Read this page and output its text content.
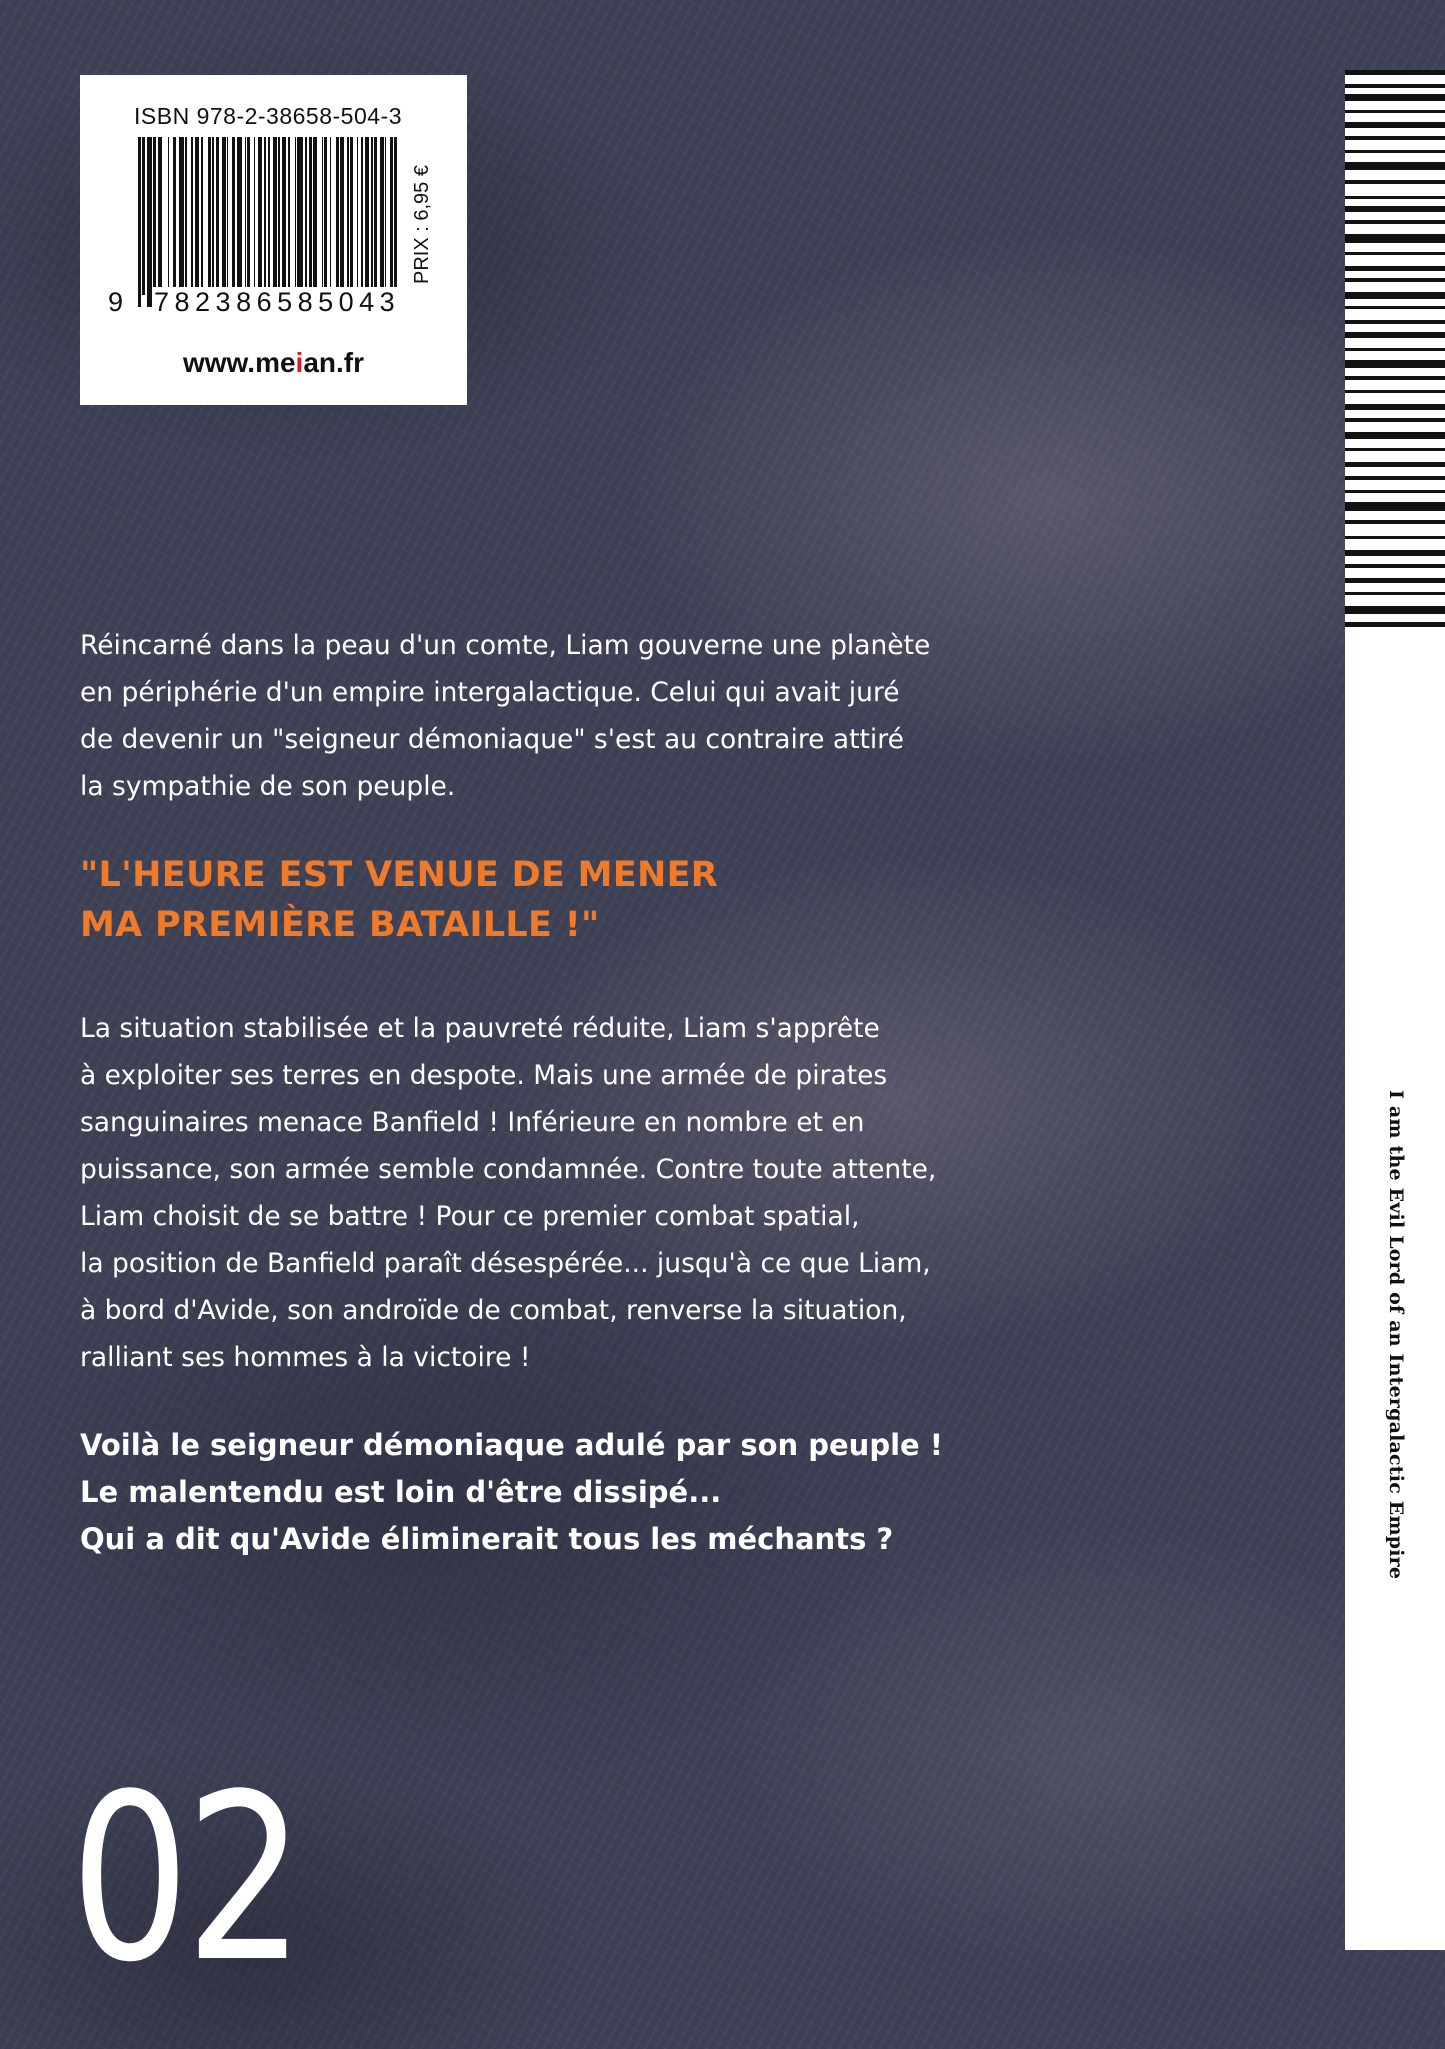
ISBN 978-2-38658-504-3
9 782386585043
PRIX : 6,95 €
www.meian.fr
I am the Evil Lord of an Intergalactic Empire
Réincarné dans la peau d'un comte, Liam gouverne une planète
en périphérie d'un empire intergalactique. Celui qui avait juré
de devenir un "seigneur démoniaque" s'est au contraire attiré
la sympathie de son peuple.
"L'HEURE EST VENUE DE MENER
MA PREMIÈRE BATAILLE !"
La situation stabilisée et la pauvreté réduite, Liam s'apprête
à exploiter ses terres en despote. Mais une armée de pirates
sanguinaires menace Banfield ! Inférieure en nombre et en
puissance, son armée semble condamnée. Contre toute attente,
Liam choisit de se battre ! Pour ce premier combat spatial,
la position de Banfield paraît désespérée... jusqu'à ce que Liam,
à bord d'Avide, son androïde de combat, renverse la situation,
ralliant ses hommes à la victoire !
Voilà le seigneur démoniaque adulé par son peuple !
Le malentendu est loin d'être dissipé...
Qui a dit qu'Avide éliminerait tous les méchants ?
02
